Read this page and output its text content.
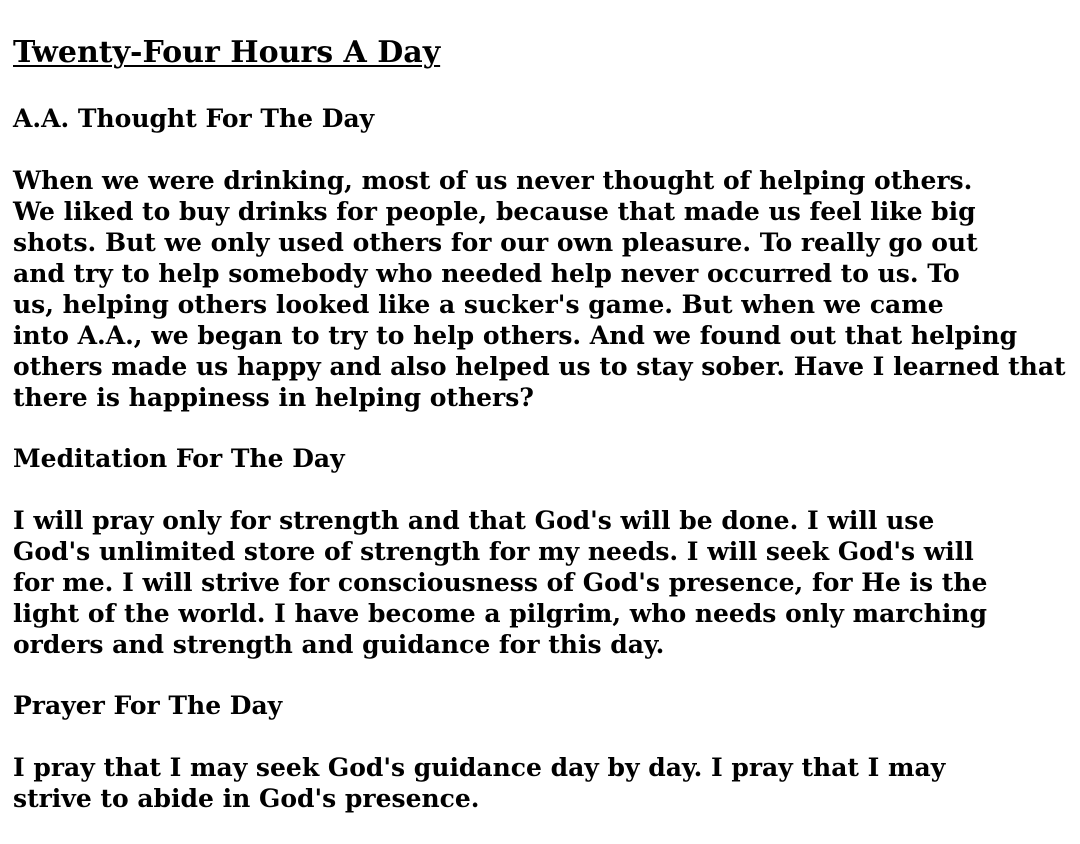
Twenty-Four Hours A Day
A.A. Thought For The Day

When we were drinking, most of us never thought of helping others.
We liked to buy drinks for people, because that made us feel like big
shots. But we only used others for our own pleasure. To really go out
and try to help somebody who needed help never occurred to us. To
us, helping others looked like a sucker's game. But when we came
into A.A., we began to try to help others. And we found out that helping
others made us happy and also helped us to stay sober. Have I learned that
there is happiness in helping others?

Meditation For The Day

I will pray only for strength and that God's will be done. I will use
God's unlimited store of strength for my needs. I will seek God's will
for me. I will strive for consciousness of God's presence, for He is the
light of the world. I have become a pilgrim, who needs only marching
orders and strength and guidance for this day.

Prayer For The Day

I pray that I may seek God's guidance day by day. I pray that I may
strive to abide in God's presence.
